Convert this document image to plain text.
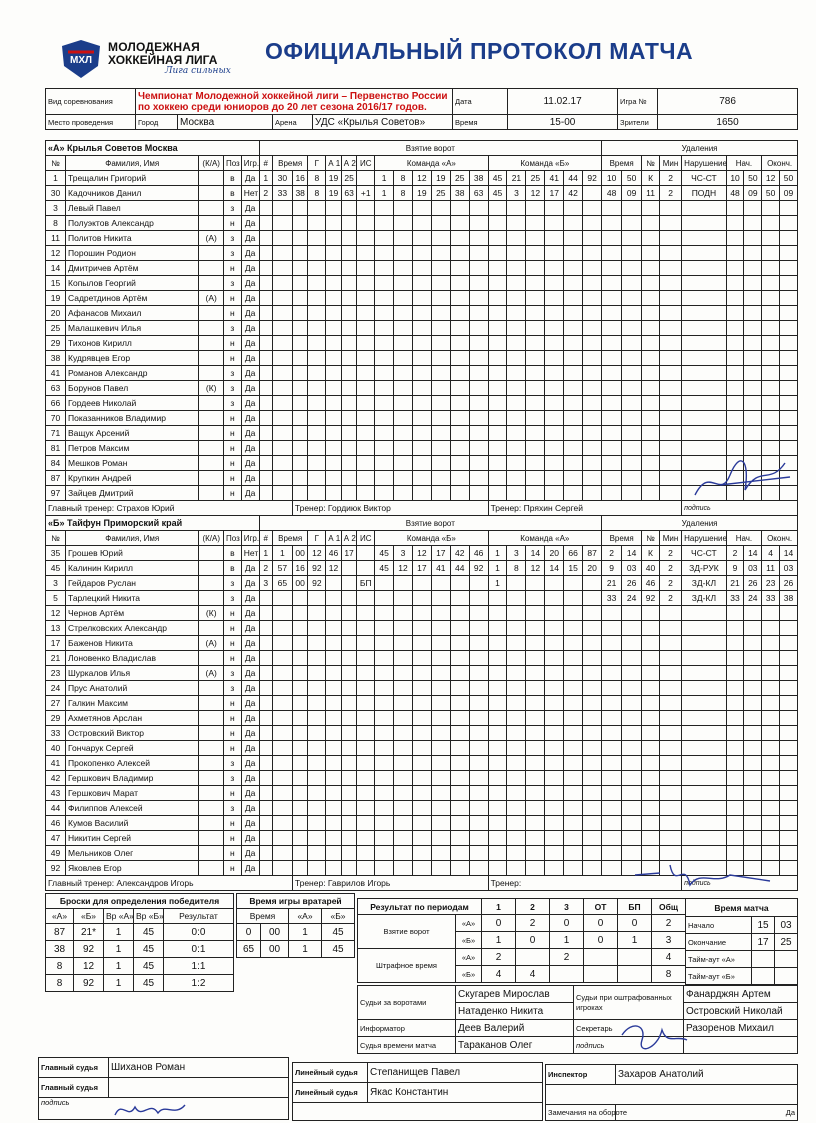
МХЛ
МОЛОДЕЖНАЯ
ХОККЕЙНАЯ ЛИГА
Лига сильных
ОФИЦИАЛЬНЫЙ ПРОТОКОЛ МАТЧА
Вид соревнования	Чемпионат Молодежной хоккейной лиги – Первенство России по хоккею среди юниоров до 20 лет сезона 2016/17 годов.				Дата	11.02.17	Игра №	786
Место проведения	Город	Москва	Арена	УДС «Крылья Советов»	Время	15-00	Зрители	1650
«А» Крылья Советов Москва					Взятие ворот																			Удаления								
№	Фамилия, Имя	(К/А)	Поз	Игр.	#	Время		Г	А 1	А 2	ИС	Команда «А»						Команда «Б»						Время		№	Мин	Нарушение	Нач.		Оконч.	
1	Трещалин Григорий		в	Да	1	30	16	8	19	25		1	8	12	19	25	38	45	21	25	41	44	92	10	50	К	2	ЧС-СТ	10	50	12	50
30	Кадочников Данил		в	Нет	2	33	38	8	19	63	+1	1	8	19	25	38	63	45	3	12	17	42		48	09	11	2	ПОДН	48	09	50	09
3	Левый Павел		з	Да																												
8	Полуэктов Александр		н	Да																												
11	Политов Никита	(А)	з	Да																												
12	Порошин Родион		з	Да																												
14	Дмитричев Артём		н	Да																												
15	Копылов Георгий		з	Да																												
19	Садретдинов Артём	(А)	н	Да																												
20	Афанасов Михаил		н	Да																												
25	Малашкевич Илья		з	Да																												
29	Тихонов Кирилл		н	Да																												
38	Кудрявцев Егор		н	Да																												
41	Романов Александр		з	Да																												
63	Борунов Павел	(К)	з	Да																												
66	Гордеев Николай		з	Да																												
70	Показанников Владимир		н	Да																												
71	Ващук Арсений		н	Да																												
81	Петров Максим		н	Да																												
84	Мешков Роман		н	Да																												
87	Крупкин Андрей		н	Да																												
97	Зайцев Дмитрий		н	Да																												
Главный тренер: Страхов Юрий							Тренер: Гордиюк Виктор											Тренер: Пряхин Сергей										подпись				
«Б» Тайфун Приморский край					Взятие ворот																			Удаления								
№	Фамилия, Имя	(К/А)	Поз	Игр.	#	Время		Г	А 1	А 2	ИС	Команда «Б»						Команда «А»						Время		№	Мин	Нарушение	Нач.		Оконч.	
35	Грошев Юрий		в	Нет	1	1	00	12	46	17		45	3	12	17	42	46	1	3	14	20	66	87	2	14	К	2	ЧС-СТ	2	14	4	14
45	Калинин Кирилл		в	Да	2	57	16	92	12			45	12	17	41	44	92	1	8	12	14	15	20	9	03	40	2	ЗД-РУК	9	03	11	03
3	Гейдаров Руслан		з	Да	3	65	00	92			БП							1						21	26	46	2	ЗД-КЛ	21	26	23	26
5	Тарлецкий Никита		з	Да																				33	24	92	2	ЗД-КЛ	33	24	33	38
12	Чернов Артём	(К)	н	Да																												
13	Стрелковских Александр		н	Да																												
17	Баженов Никита	(А)	н	Да																												
21	Лоновенко Владислав		н	Да																												
23	Шуркалов Илья	(А)	з	Да																												
24	Прус Анатолий		з	Да																												
27	Галкин Максим		н	Да																												
29	Ахметянов Арслан		н	Да																												
33	Островский Виктор		н	Да																												
40	Гончарук Сергей		н	Да																												
41	Прокопенко Алексей		з	Да																												
42	Гершкович Владимир		з	Да																												
43	Гершкович Марат		н	Да																												
44	Филиппов Алексей		з	Да																												
46	Кумов Василий		н	Да																												
47	Никитин Сергей		н	Да																												
49	Мельников Олег		н	Да																												
92	Яковлев Егор		н	Да																												
Главный тренер: Александров Игорь							Тренер: Гаврилов Игорь											Тренер:										подпись				
Броски для определения победителя				
«А»	«Б»	Вр «А»	Вр «Б»	Результат
87	21*	1	45	0:0
38	92	1	45	0:1
8	12	1	45	1:1
8	92	1	45	1:2
Время игры вратарей			
Время		«А»	«Б»
0	00	1	45
65	00	1	45
Результат по периодам		1	2	3	ОТ	БП	Общ
Взятие ворот	«А»	0	2	0	0	0	2
	«Б»	1	0	1	0	1	3
Штрафное время	«А»	2		2			4
	«Б»	4	4				8
Время матча		
Начало	15	03
Окончание	17	25
Тайм-аут «А»		
Тайм-аут «Б»		
Судьи за воротами	Скугарев Мирослав	Судьи при оштрафованных игроках	Фанарджян Артем
	Натаденко Никита		Островский Николай
Информатор	Деев Валерий	Секретарь	Разоренов Михаил
Судья времени матча	Тараканов Олег	подпись	
Главный судья	Шиханов Роман
Главный судья	
подпись	
Линейный судья	Степанищев Павел
Линейный судья	Якас Константин

Инспектор	Захаров Анатолий

Замечания на обороте	Да
